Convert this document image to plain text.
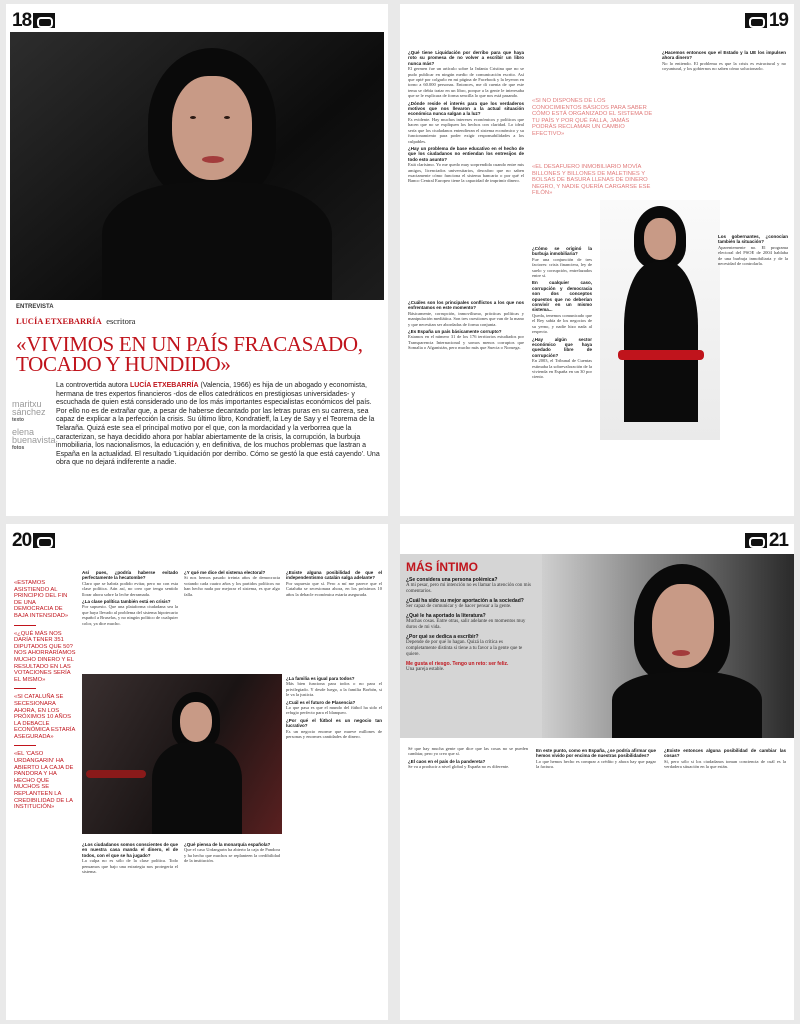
18
ENTREVISTA
LUCÍA ETXEBARRÍA escritora
«VIVIMOS EN UN PAÍS FRACASADO,
TOCADO Y HUNDIDO»
maritxu
sánchez
texto
elena
buenavista
fotos

La controvertida autora LUCÍA ETXEBARRÍA (Valencia, 1966) es hija de un abogado y economista, hermana de tres expertos financieros -dos de ellos catedráticos en prestigiosas universidades- y escuchada de quien está considerado uno de los más importantes especialistas económicos del país. Por ello no es de extrañar que, a pesar de haberse decantado por las letras puras en su carrera, sea capaz de explicar a la perfección la crisis. Su último libro, Kondratieff, la Ley de Say y el Teorema de la Telaraña. Quizá este sea el principal motivo por el que, con la mordacidad y la verborrea que la caracterizan, se haya decidido ahora por hablar abiertamente de la crisis, la corrupción, la burbuja inmobiliaria, los nacionalismos, la educación y, en definitiva, de los muchos problemas que lastran a España en la actualidad. El resultado 'Liquidación por derribo. Cómo se gestó la que está cayendo'. Una obra que no dejará indiferente a nadie.

19
¿Qué tiene Liquidación por derribo para que haya roto su promesa de no volver a escribir un libro nunca más?
El germen fue un artículo sobre la Infanta Cristina que no se pudo publicar en ningún medio de comunicación escrito. Así que opté por colgarlo en mi página de Facebook y la leyeron en torno a 60.000 personas. Entonces, me di cuenta de que este tema se debía tratar en un libro, porque a la gente le interesaba que se le explicara de forma sencilla lo que nos está pasando.
¿Dónde reside el interés para que los verdaderos motivos que nos llevaron a la actual situación económica nunca salgan a la luz?
Es evidente. Hay muchos intereses económicos y políticos que hacen que no se expliquen los hechos con claridad. Lo ideal sería que los ciudadanos entendieran el sistema económico y su funcionamiento para poder exigir responsabilidades a los culpables.
¿Hay un problema de base educativo en el hecho de que los ciudadanos no entiendan los entresijos de todo esto asunto?
Está clarísimo. Yo me quedo muy sorprendida cuando entre mis amigos, licenciados universitarios, descubro que no saben exactamente cómo funciona el sistema bancario o por qué el Banco Central Europeo tiene la capacidad de imprimir dinero.
¿Cuáles son los principales conflictos a los que nos enfrentamos en este momento?
Básicamente, corrupción, inmovilismo, prácticas políticas y manipulación mediática. Son tres cuestiones que van de la mano y que necesitan ser abordadas de forma conjunta.
¿Es España un país básicamente corrupto?
Estamos en el número 31 de los 176 territorios estudiados por Transparencia Internacional y somos menos corruptos que Somalia o Afganistán, pero mucho más que Suecia o Noruega.
«SI NO DISPONES DE LOS CONOCIMIENTOS BÁSICOS PARA SABER CÓMO ESTÁ ORGANIZADO EL SISTEMA DE TU PAÍS Y POR QUÉ FALLA, JAMÁS PODRÁS RECLAMAR UN CAMBIO EFECTIVO»
«EL DESAFUERO INMOBILIARIO MOVÍA BILLONES Y BILLONES DE MALETINES Y BOLSAS DE BASURA LLENAS DE DINERO NEGRO, Y NADIE QUERÍA CARGARSE ESE FILÓN»
¿Cómo se originó la burbuja inmobiliaria?
Fue una conjunción de tres factores: crisis financiera, ley de suelo y corrupción, entrelazados entre sí.
En cualquier caso, corrupción y democracia son dos conceptos opuestos que no deberían convivir en un mismo sistema...
Queda, tenemos comunicado que el Rey sabía de los negocios de su yerno, y nadie hizo nada al respecto.
¿Hay algún sector económico que haya quedado libre de corrupción?
En 2003, el Tribunal de Cuentas estimaba la sobrevaloración de la vivienda en España en un 30 por ciento.
¿Hacemos entonces que el Estado y la UE los impulsen ahora dinero?
No lo entiendo. El problema es que la crisis es estructural y no coyuntural, y los gobiernos no saben cómo solucionarlo.
Los gobernantes, ¿conocían también la situación?
Aparentemente no. El programa electoral del PSOE de 2004 hablaba de una burbuja inmobiliaria y de la necesidad de controlarla.
20
«ESTAMOS ASISTIENDO AL PRINCIPIO DEL FIN DE UNA DEMOCRACIA DE BAJA INTENSIDAD»
«¿QUÉ MÁS NOS DARÍA TENER 351 DIPUTADOS QUE 50?NOS AHORRARÍAMOS MUCHO DINERO Y EL RESULTADO EN LAS VOTACIONES SERÍA EL MISMO»
«SI CATALUÑA SE SECESIONARA AHORA, EN LOS PRÓXIMOS 10 AÑOS LA DEBACLE ECONÓMICA ESTARÍA ASEGURADA»
«EL 'CASO URDANGARIN' HA ABIERTO LA CAJA DE PANDORA Y HA HECHO QUE MUCHOS SE REPLANTEEN LA CREDIBILIDAD DE LA INSTITUCIÓN»
Así pues, ¿podría haberse evitado perfectamente la hecatombe?
Claro que se habría podido evitar, pero no con esta clase política. Aún así, no creo que tenga sentido llorar ahora sobre la leche derramada.
¿La clase política también está en crisis?
Por supuesto. Que una plataforma ciudadana sea la que haya llevado al problema del sistema hipotecario español a Bruselas, y no ningún político de cualquier color, ya dice mucho.
¿Y qué me dice del sistema electoral?
Si nos hemos pasado treinta años de democracia votando cada cuatro años y los partidos políticos no han hecho nada por mejorar el sistema, es que algo falla.
¿Existe alguna posibilidad de que el independentismo catalán salga adelante?
Por supuesto que sí. Pero a mí me parece que el Cataluña se secesionara ahora, en los próximos 10 años la debacle económica estaría asegurada.
¿Los ciudadanos somos conscientes de que en nuestra casa manda el dinero, el de todos, con el que se ha jugado?
La culpa no es sólo de la clase política. Todo pensamos que bajo una estrategia nos protegería el sistema.
¿Qué piensa de la monarquía española?
Que el caso Urdangarin ha abierto la caja de Pandora y ha hecho que muchos se replanteen la credibilidad de la institución.
¿La familia es igual para todos?
Más bien funciona para todos o no para el privilegiado. Y desde luego, a la familia Borbón, si le va la justicia.
¿Cuál es el futuro de Plasencia?
Lo que pasa es que el mundo del fútbol ha sido el refugio perfecto para el blanqueo.
¿Por qué el fútbol es un negocio tan lucrativo?
Es un negocio enorme que mueve millones de personas y enormes cantidades de dinero.
21
MÁS ÍNTIMO
¿Se considera una persona polémica?
A mi pesar, pero mi intención no es llamar la atención con mis comentarios.
¿Cuál ha sido su mejor aportación a la sociedad?
Ser capaz de comunicar y de hacer pensar a la gente.
¿Qué le ha aportado la literatura?
Muchas cosas. Entre otras, salir adelante en momentos muy duros de mi vida.
¿Por qué se dedica a escribir?
Depende de por qué lo hagan. Quizá la crítica es completamente distinta si tiene a tu favor a la gente que te quiere.
Me gusta el riesgo. Tengo un reto: ser feliz.
Una pareja estable.
Sé que hay mucha gente que dice que las cosas no se pueden cambiar, pero yo creo que sí.
¿El caos en el país de la pandereta?
Se va a producir a nivel global y España no es diferente.
En este punto, como en España, ¿se podría afirmar que hemos vivido por encima de nuestras posibilidades?
Lo que hemos hecho es comprar a crédito y ahora hay que pagar la factura.
¿Existe entonces alguna posibilidad de cambiar las cosas?
Sí, pero sólo si los ciudadanos toman conciencia de cuál es la verdadera situación en la que están.
